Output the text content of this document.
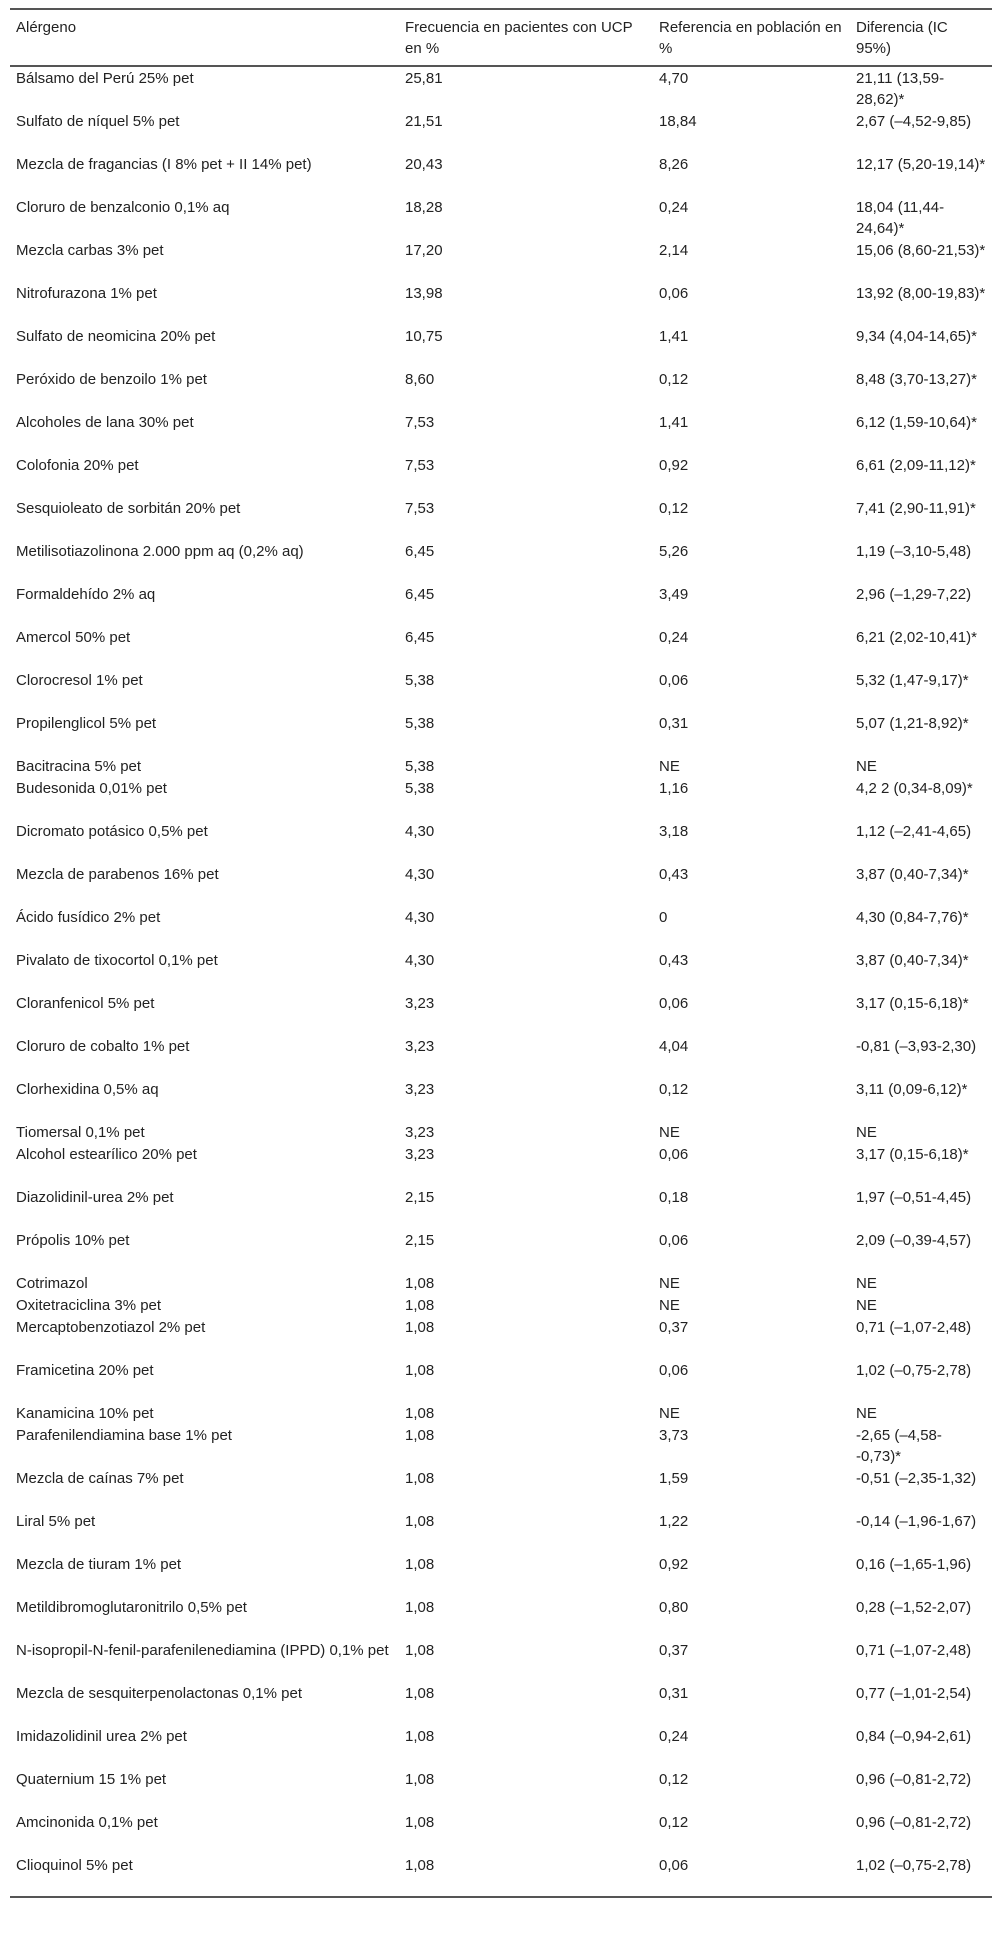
Alérgeno	Frecuencia en pacientes con UCP en %	Referencia en población en %	Diferencia (IC 95%)
Bálsamo del Perú 25% pet	25,81	4,70	21,11 (13,59-28,62)*
Sulfato de níquel 5% pet	21,51	18,84	2,67 (–4,52-9,85)
Mezcla de fragancias (I 8% pet + II 14% pet)	20,43	8,26	12,17 (5,20-19,14)*
Cloruro de benzalconio 0,1% aq	18,28	0,24	18,04 (11,44-24,64)*
Mezcla carbas 3% pet	17,20	2,14	15,06 (8,60-21,53)*
Nitrofurazona 1% pet	13,98	0,06	13,92 (8,00-19,83)*
Sulfato de neomicina 20% pet	10,75	1,41	9,34 (4,04-14,65)*
Peróxido de benzoilo 1% pet	8,60	0,12	8,48 (3,70-13,27)*
Alcoholes de lana 30% pet	7,53	1,41	6,12 (1,59-10,64)*
Colofonia 20% pet	7,53	0,92	6,61 (2,09-11,12)*
Sesquioleato de sorbitán 20% pet	7,53	0,12	7,41 (2,90-11,91)*
Metilisotiazolinona 2.000 ppm aq (0,2% aq)	6,45	5,26	1,19 (–3,10-5,48)
Formaldehído 2% aq	6,45	3,49	2,96 (–1,29-7,22)
Amercol 50% pet	6,45	0,24	6,21 (2,02-10,41)*
Clorocresol 1% pet	5,38	0,06	5,32 (1,47-9,17)*
Propilenglicol 5% pet	5,38	0,31	5,07 (1,21-8,92)*
Bacitracina 5% pet	5,38	NE	NE
Budesonida 0,01% pet	5,38	1,16	4,2 2 (0,34-8,09)*
Dicromato potásico 0,5% pet	4,30	3,18	1,12 (–2,41-4,65)
Mezcla de parabenos 16% pet	4,30	0,43	3,87 (0,40-7,34)*
Ácido fusídico 2% pet	4,30	0	4,30 (0,84-7,76)*
Pivalato de tixocortol 0,1% pet	4,30	0,43	3,87 (0,40-7,34)*
Cloranfenicol 5% pet	3,23	0,06	3,17 (0,15-6,18)*
Cloruro de cobalto 1% pet	3,23	4,04	-0,81 (–3,93-2,30)
Clorhexidina 0,5% aq	3,23	0,12	3,11 (0,09-6,12)*
Tiomersal 0,1% pet	3,23	NE	NE
Alcohol estearílico 20% pet	3,23	0,06	3,17 (0,15-6,18)*
Diazolidinil-urea 2% pet	2,15	0,18	1,97 (–0,51-4,45)
Própolis 10% pet	2,15	0,06	2,09 (–0,39-4,57)
Cotrimazol	1,08	NE	NE
Oxitetraciclina 3% pet	1,08	NE	NE
Mercaptobenzotiazol 2% pet	1,08	0,37	0,71 (–1,07-2,48)
Framicetina 20% pet	1,08	0,06	1,02 (–0,75-2,78)
Kanamicina 10% pet	1,08	NE	NE
Parafenilendiamina base 1% pet	1,08	3,73	-2,65 (–4,58--0,73)*
Mezcla de caínas 7% pet	1,08	1,59	-0,51 (–2,35-1,32)
Liral 5% pet	1,08	1,22	-0,14 (–1,96-1,67)
Mezcla de tiuram 1% pet	1,08	0,92	0,16 (–1,65-1,96)
Metildibromoglutaronitrilo 0,5% pet	1,08	0,80	0,28 (–1,52-2,07)
N-isopropil-N-fenil-parafenilenediamina (IPPD) 0,1% pet	1,08	0,37	0,71 (–1,07-2,48)
Mezcla de sesquiterpenolactonas 0,1% pet	1,08	0,31	0,77 (–1,01-2,54)
Imidazolidinil urea 2% pet	1,08	0,24	0,84 (–0,94-2,61)
Quaternium 15 1% pet	1,08	0,12	0,96 (–0,81-2,72)
Amcinonida 0,1% pet	1,08	0,12	0,96 (–0,81-2,72)
Clioquinol 5% pet	1,08	0,06	1,02 (–0,75-2,78)
